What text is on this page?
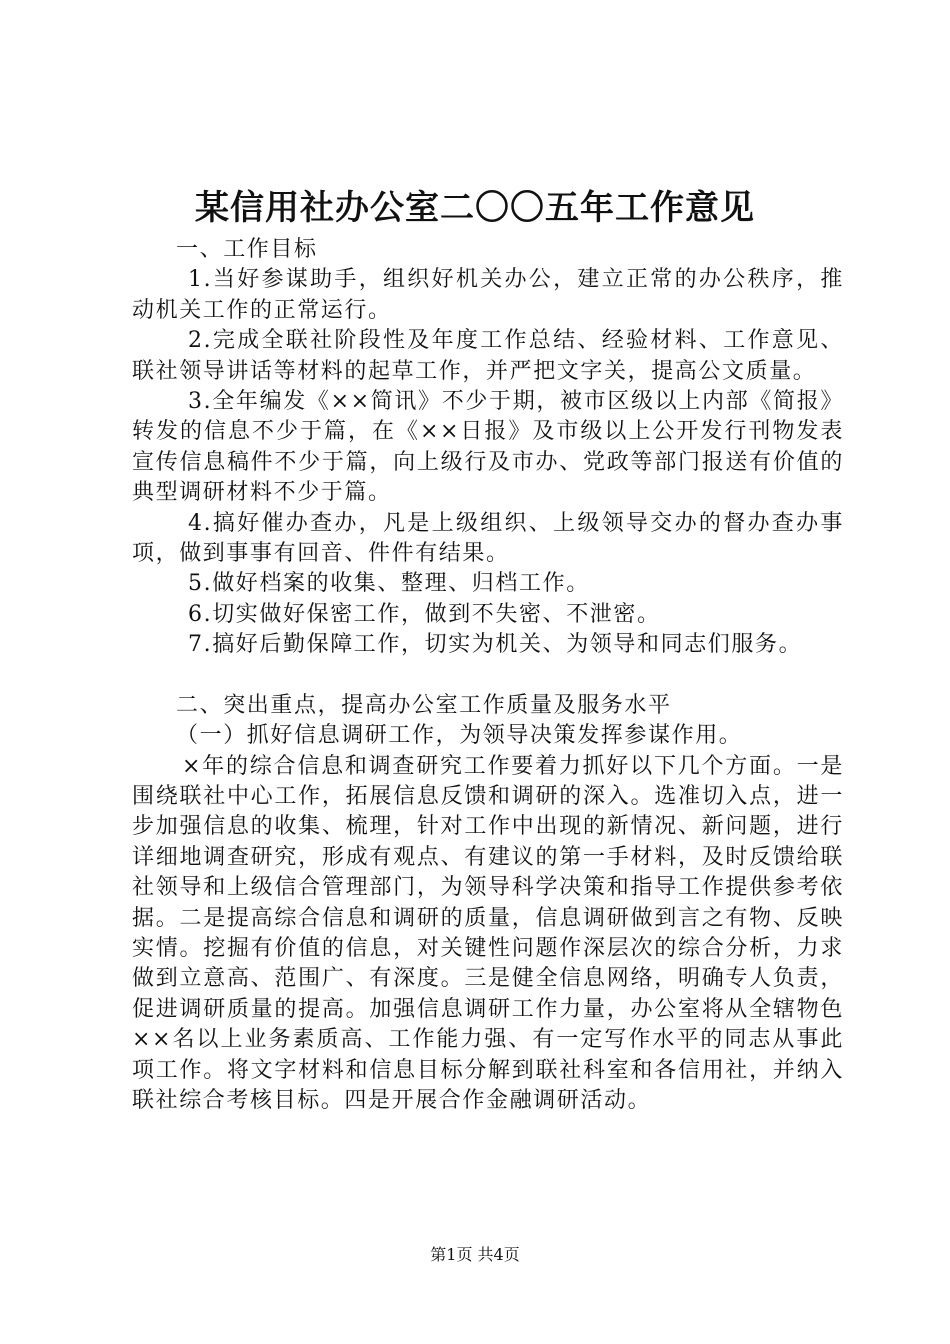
某信用社办公室二〇〇五年工作意见

一、工作目标

1.当好参谋助手，组织好机关办公，建立正常的办公秩序，推动机关工作的正常运行。

2.完成全联社阶段性及年度工作总结、经验材料、工作意见、联社领导讲话等材料的起草工作，并严把文字关，提高公文质量。

3.全年编发《××简讯》不少于期，被市区级以上内部《简报》转发的信息不少于篇，在《××日报》及市级以上公开发行刊物发表宣传信息稿件不少于篇，向上级行及市办、党政等部门报送有价值的典型调研材料不少于篇。

4.搞好催办查办，凡是上级组织、上级领导交办的督办查办事项，做到事事有回音、件件有结果。

5.做好档案的收集、整理、归档工作。

6.切实做好保密工作，做到不失密、不泄密。

7.搞好后勤保障工作，切实为机关、为领导和同志们服务。

二、突出重点，提高办公室工作质量及服务水平

（一）抓好信息调研工作，为领导决策发挥参谋作用。

×年的综合信息和调查研究工作要着力抓好以下几个方面。一是围绕联社中心工作，拓展信息反馈和调研的深入。选准切入点，进一步加强信息的收集、梳理，针对工作中出现的新情况、新问题，进行详细地调查研究，形成有观点、有建议的第一手材料，及时反馈给联社领导和上级信合管理部门，为领导科学决策和指导工作提供参考依据。二是提高综合信息和调研的质量，信息调研做到言之有物、反映实情。挖掘有价值的信息，对关键性问题作深层次的综合分析，力求做到立意高、范围广、有深度。三是健全信息网络，明确专人负责，促进调研质量的提高。加强信息调研工作力量，办公室将从全辖物色××名以上业务素质高、工作能力强、有一定写作水平的同志从事此项工作。将文字材料和信息目标分解到联社科室和各信用社，并纳入联社综合考核目标。四是开展合作金融调研活动。

第1页 共4页
